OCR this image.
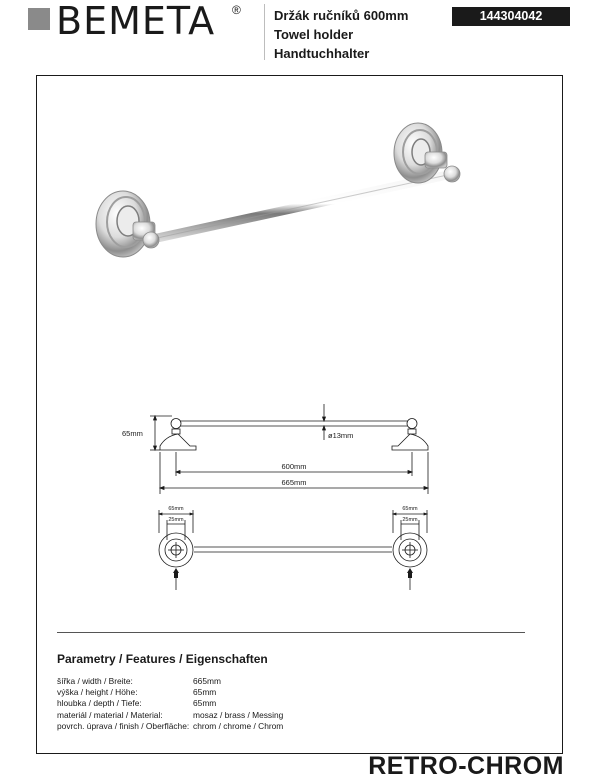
BEMETA ®	Držák ručníků 600mm
Towel holder
Handtuchhalter
144304042
65mm	ø13mm
600mm
665mm
65mm
25mm
65mm
25mm
Parametry / Features / Eigenschaften
šířka / width / Breite:	665mm
výška / height / Höhe:	65mm
hloubka / depth / Tiefe:	65mm
materiál / material / Material:	mosaz / brass / Messing
povrch. úprava / finish / Oberfläche: chrom / chrome / Chrom
RETRO-CHROM
